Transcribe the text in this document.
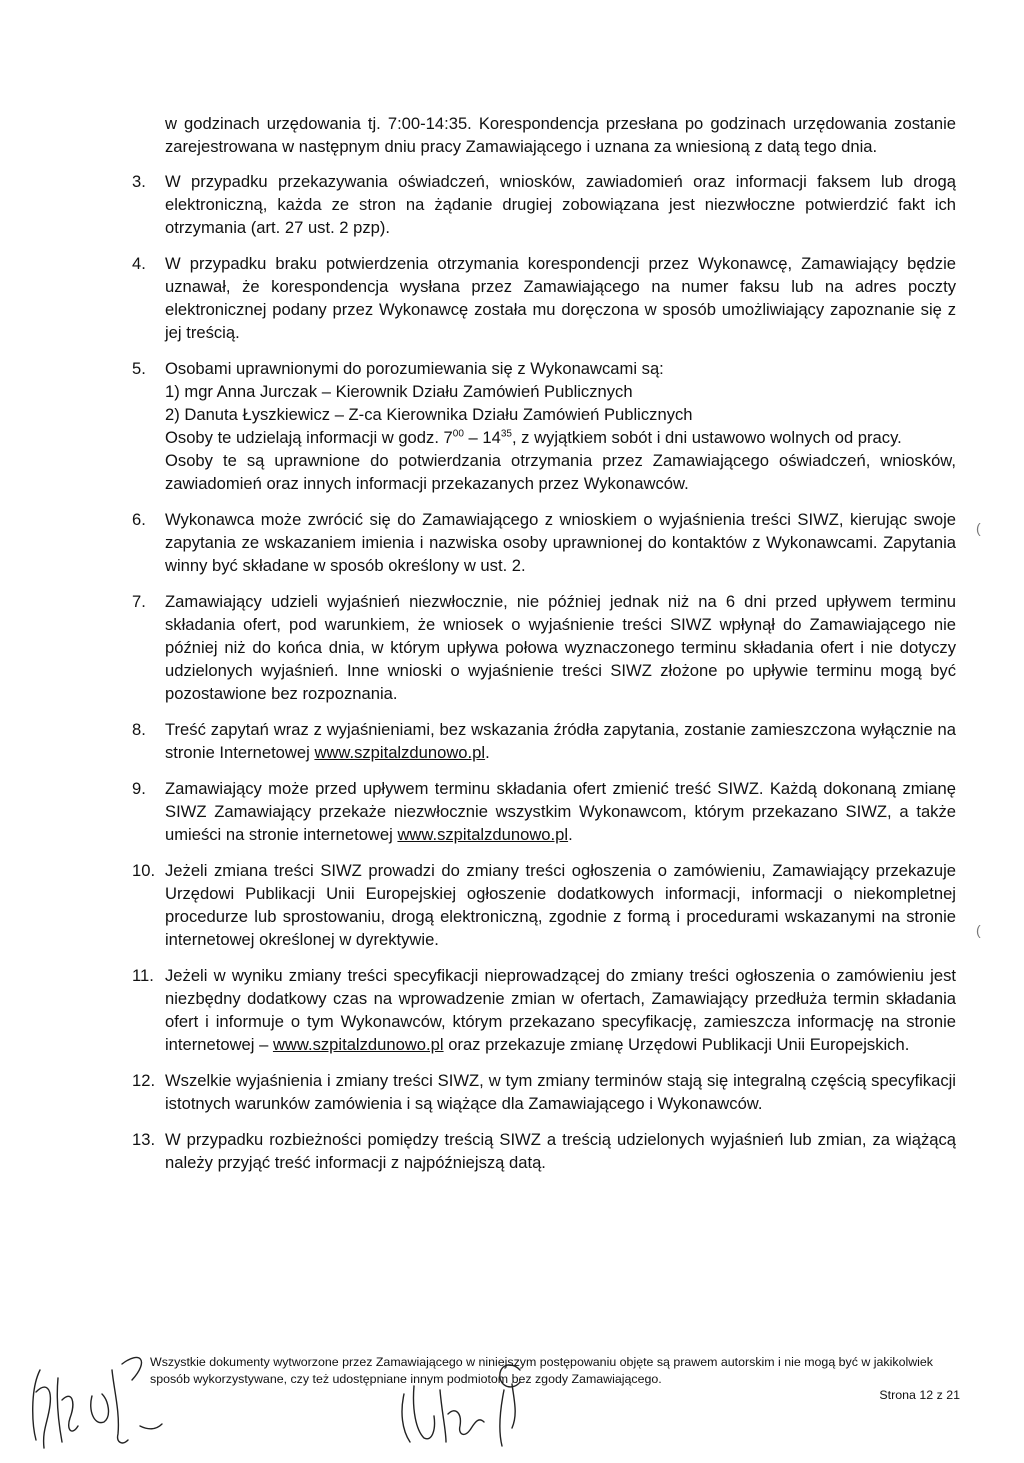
w godzinach urzędowania tj. 7:00-14:35. Korespondencja przesłana po godzinach urzędowania zostanie zarejestrowana w następnym dniu pracy Zamawiającego i uznana za wniesioną z datą tego dnia.

3.	W przypadku przekazywania oświadczeń, wniosków, zawiadomień oraz informacji faksem lub drogą elektroniczną, każda ze stron na żądanie drugiej zobowiązana jest niezwłoczne potwierdzić fakt ich otrzymania (art. 27 ust. 2 pzp).
4.	W przypadku braku potwierdzenia otrzymania korespondencji przez Wykonawcę, Zamawiający będzie uznawał, że korespondencja wysłana przez Zamawiającego na numer faksu lub na adres poczty elektronicznej podany przez Wykonawcę została mu doręczona w sposób umożliwiający zapoznanie się z jej treścią.
5.	Osobami uprawnionymi do porozumiewania się z Wykonawcami są:

1) mgr Anna Jurczak – Kierownik Działu Zamówień Publicznych

2) Danuta Łyszkiewicz – Z-ca Kierownika Działu Zamówień Publicznych

Osoby te udzielają informacji w godz. $7^{00} - 14^{35}$, z wyjątkiem sobót i dni ustawowo wolnych od pracy.

Osoby te są uprawnione do potwierdzania otrzymania przez Zamawiającego oświadczeń, wniosków, zawiadomień oraz innych informacji przekazanych przez Wykonawców.

6.	Wykonawca może zwrócić się do Zamawiającego z wnioskiem o wyjaśnienia treści SIWZ, kierując swoje zapytania ze wskazaniem imienia i nazwiska osoby uprawnionej do kontaktów z Wykonawcami. Zapytania winny być składane w sposób określony w ust. 2.
7.	Zamawiający udzieli wyjaśnień niezwłocznie, nie później jednak niż na 6 dni przed upływem terminu składania ofert, pod warunkiem, że wniosek o wyjaśnienie treści SIWZ wpłynął do Zamawiającego nie później niż do końca dnia, w którym upływa połowa wyznaczonego terminu składania ofert i nie dotyczy udzielonych wyjaśnień. Inne wnioski o wyjaśnienie treści SIWZ złożone po upływie terminu mogą być pozostawione bez rozpoznania.
8.	Treść zapytań wraz z wyjaśnieniami, bez wskazania źródła zapytania, zostanie zamieszczona wyłącznie na stronie Internetowej www.szpitalzdunowo.pl.
9.	Zamawiający może przed upływem terminu składania ofert zmienić treść SIWZ. Każdą dokonaną zmianę SIWZ Zamawiający przekaże niezwłocznie wszystkim Wykonawcom, którym przekazano SIWZ, a także umieści na stronie internetowej www.szpitalzdunowo.pl.
10. Jeżeli zmiana treści SIWZ prowadzi do zmiany treści ogłoszenia o zamówieniu, Zamawiający przekazuje Urzędowi Publikacji Unii Europejskiej ogłoszenie dodatkowych informacji, informacji o niekompletnej procedurze lub sprostowaniu, drogą elektroniczną, zgodnie z formą i procedurami wskazanymi na stronie internetowej określonej w dyrektywie.
11. Jeżeli w wyniku zmiany treści specyfikacji nieprowadzącej do zmiany treści ogłoszenia o zamówieniu jest niezbędny dodatkowy czas na wprowadzenie zmian w ofertach, Zamawiający przedłuża termin składania ofert i informuje o tym Wykonawców, którym przekazano specyfikację, zamieszcza informację na stronie internetowej – www.szpitalzdunowo.pl oraz przekazuje zmianę Urzędowi Publikacji Unii Europejskich.
12. Wszelkie wyjaśnienia i zmiany treści SIWZ, w tym zmiany terminów stają się integralną częścią specyfikacji istotnych warunków zamówienia i są wiążące dla Zamawiającego i Wykonawców.
13. W przypadku rozbieżności pomiędzy treścią SIWZ a treścią udzielonych wyjaśnień lub zmian, za wiążącą należy przyjąć treść informacji z najpóźniejszą datą.
(
(
Wszystkie dokumenty wytworzone przez Zamawiającego w niniejszym postępowaniu objęte są prawem autorskim i nie mogą być w jakikolwiek sposób wykorzystywane, czy też udostępniane innym podmiotom bez zgody Zamawiającego.
Strona 12 z 21
